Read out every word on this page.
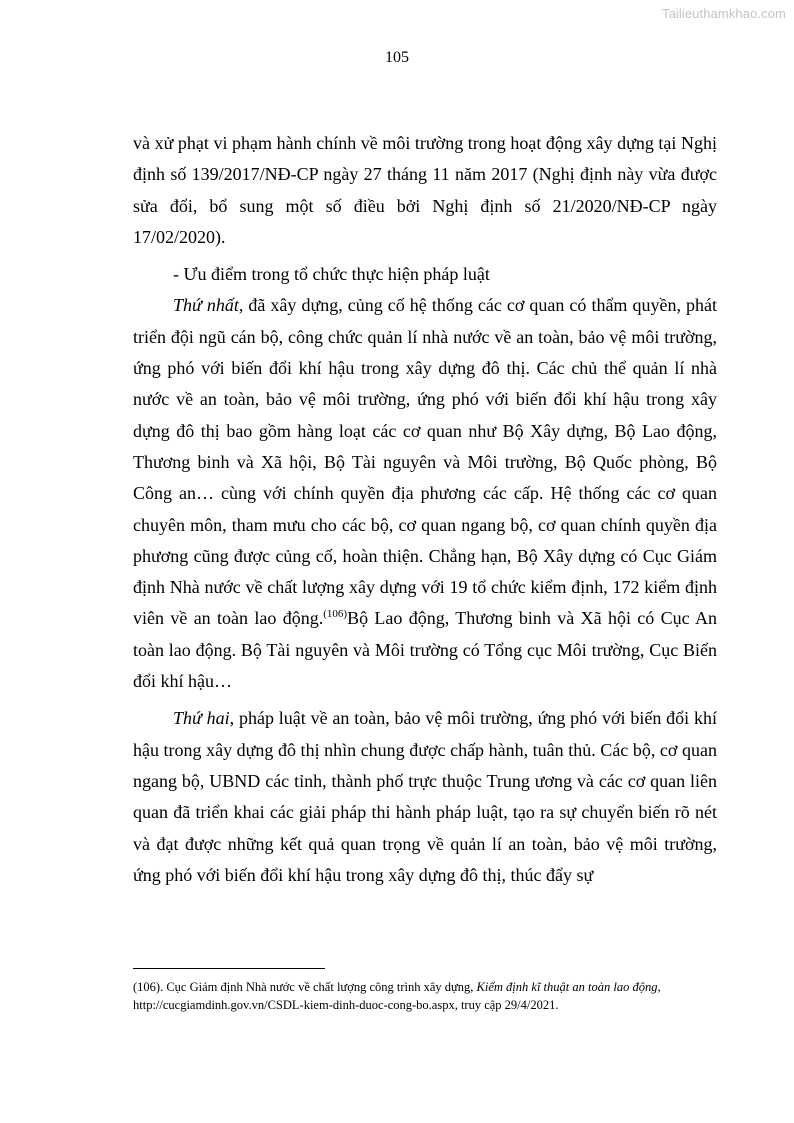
Tailieuthamkhao.com
105

và xử phạt vi phạm hành chính về môi trường trong hoạt động xây dựng tại Nghị định số 139/2017/NĐ-CP ngày 27 tháng 11 năm 2017 (Nghị định này vừa được sửa đổi, bổ sung một số điều bởi Nghị định số 21/2020/NĐ-CP ngày 17/02/2020).

- Ưu điểm trong tổ chức thực hiện pháp luật

Thứ nhất, đã xây dựng, củng cố hệ thống các cơ quan có thẩm quyền, phát triển đội ngũ cán bộ, công chức quản lí nhà nước về an toàn, bảo vệ môi trường, ứng phó với biến đổi khí hậu trong xây dựng đô thị. Các chủ thể quản lí nhà nước về an toàn, bảo vệ môi trường, ứng phó với biến đổi khí hậu trong xây dựng đô thị bao gồm hàng loạt các cơ quan như Bộ Xây dựng, Bộ Lao động, Thương binh và Xã hội, Bộ Tài nguyên và Môi trường, Bộ Quốc phòng, Bộ Công an… cùng với chính quyền địa phương các cấp. Hệ thống các cơ quan chuyên môn, tham mưu cho các bộ, cơ quan ngang bộ, cơ quan chính quyền địa phương cũng được củng cố, hoàn thiện. Chẳng hạn, Bộ Xây dựng có Cục Giám định Nhà nước về chất lượng xây dựng với 19 tổ chức kiểm định, 172 kiểm định viên về an toàn lao động.$^{(106)}$Bộ Lao động, Thương binh và Xã hội có Cục An toàn lao động. Bộ Tài nguyên và Môi trường có Tổng cục Môi trường, Cục Biến đổi khí hậu…

Thứ hai, pháp luật về an toàn, bảo vệ môi trường, ứng phó với biến đổi khí hậu trong xây dựng đô thị nhìn chung được chấp hành, tuân thủ. Các bộ, cơ quan ngang bộ, UBND các tỉnh, thành phố trực thuộc Trung ương và các cơ quan liên quan đã triển khai các giải pháp thi hành pháp luật, tạo ra sự chuyển biến rõ nét và đạt được những kết quả quan trọng về quản lí an toàn, bảo vệ môi trường, ứng phó với biến đổi khí hậu trong xây dựng đô thị, thúc đẩy sự

(106). Cục Giám định Nhà nước về chất lượng công trình xây dựng, Kiểm định kĩ thuật an toàn lao động, http://cucgiamdinh.gov.vn/CSDL-kiem-dinh-duoc-cong-bo.aspx, truy cập 29/4/2021.
